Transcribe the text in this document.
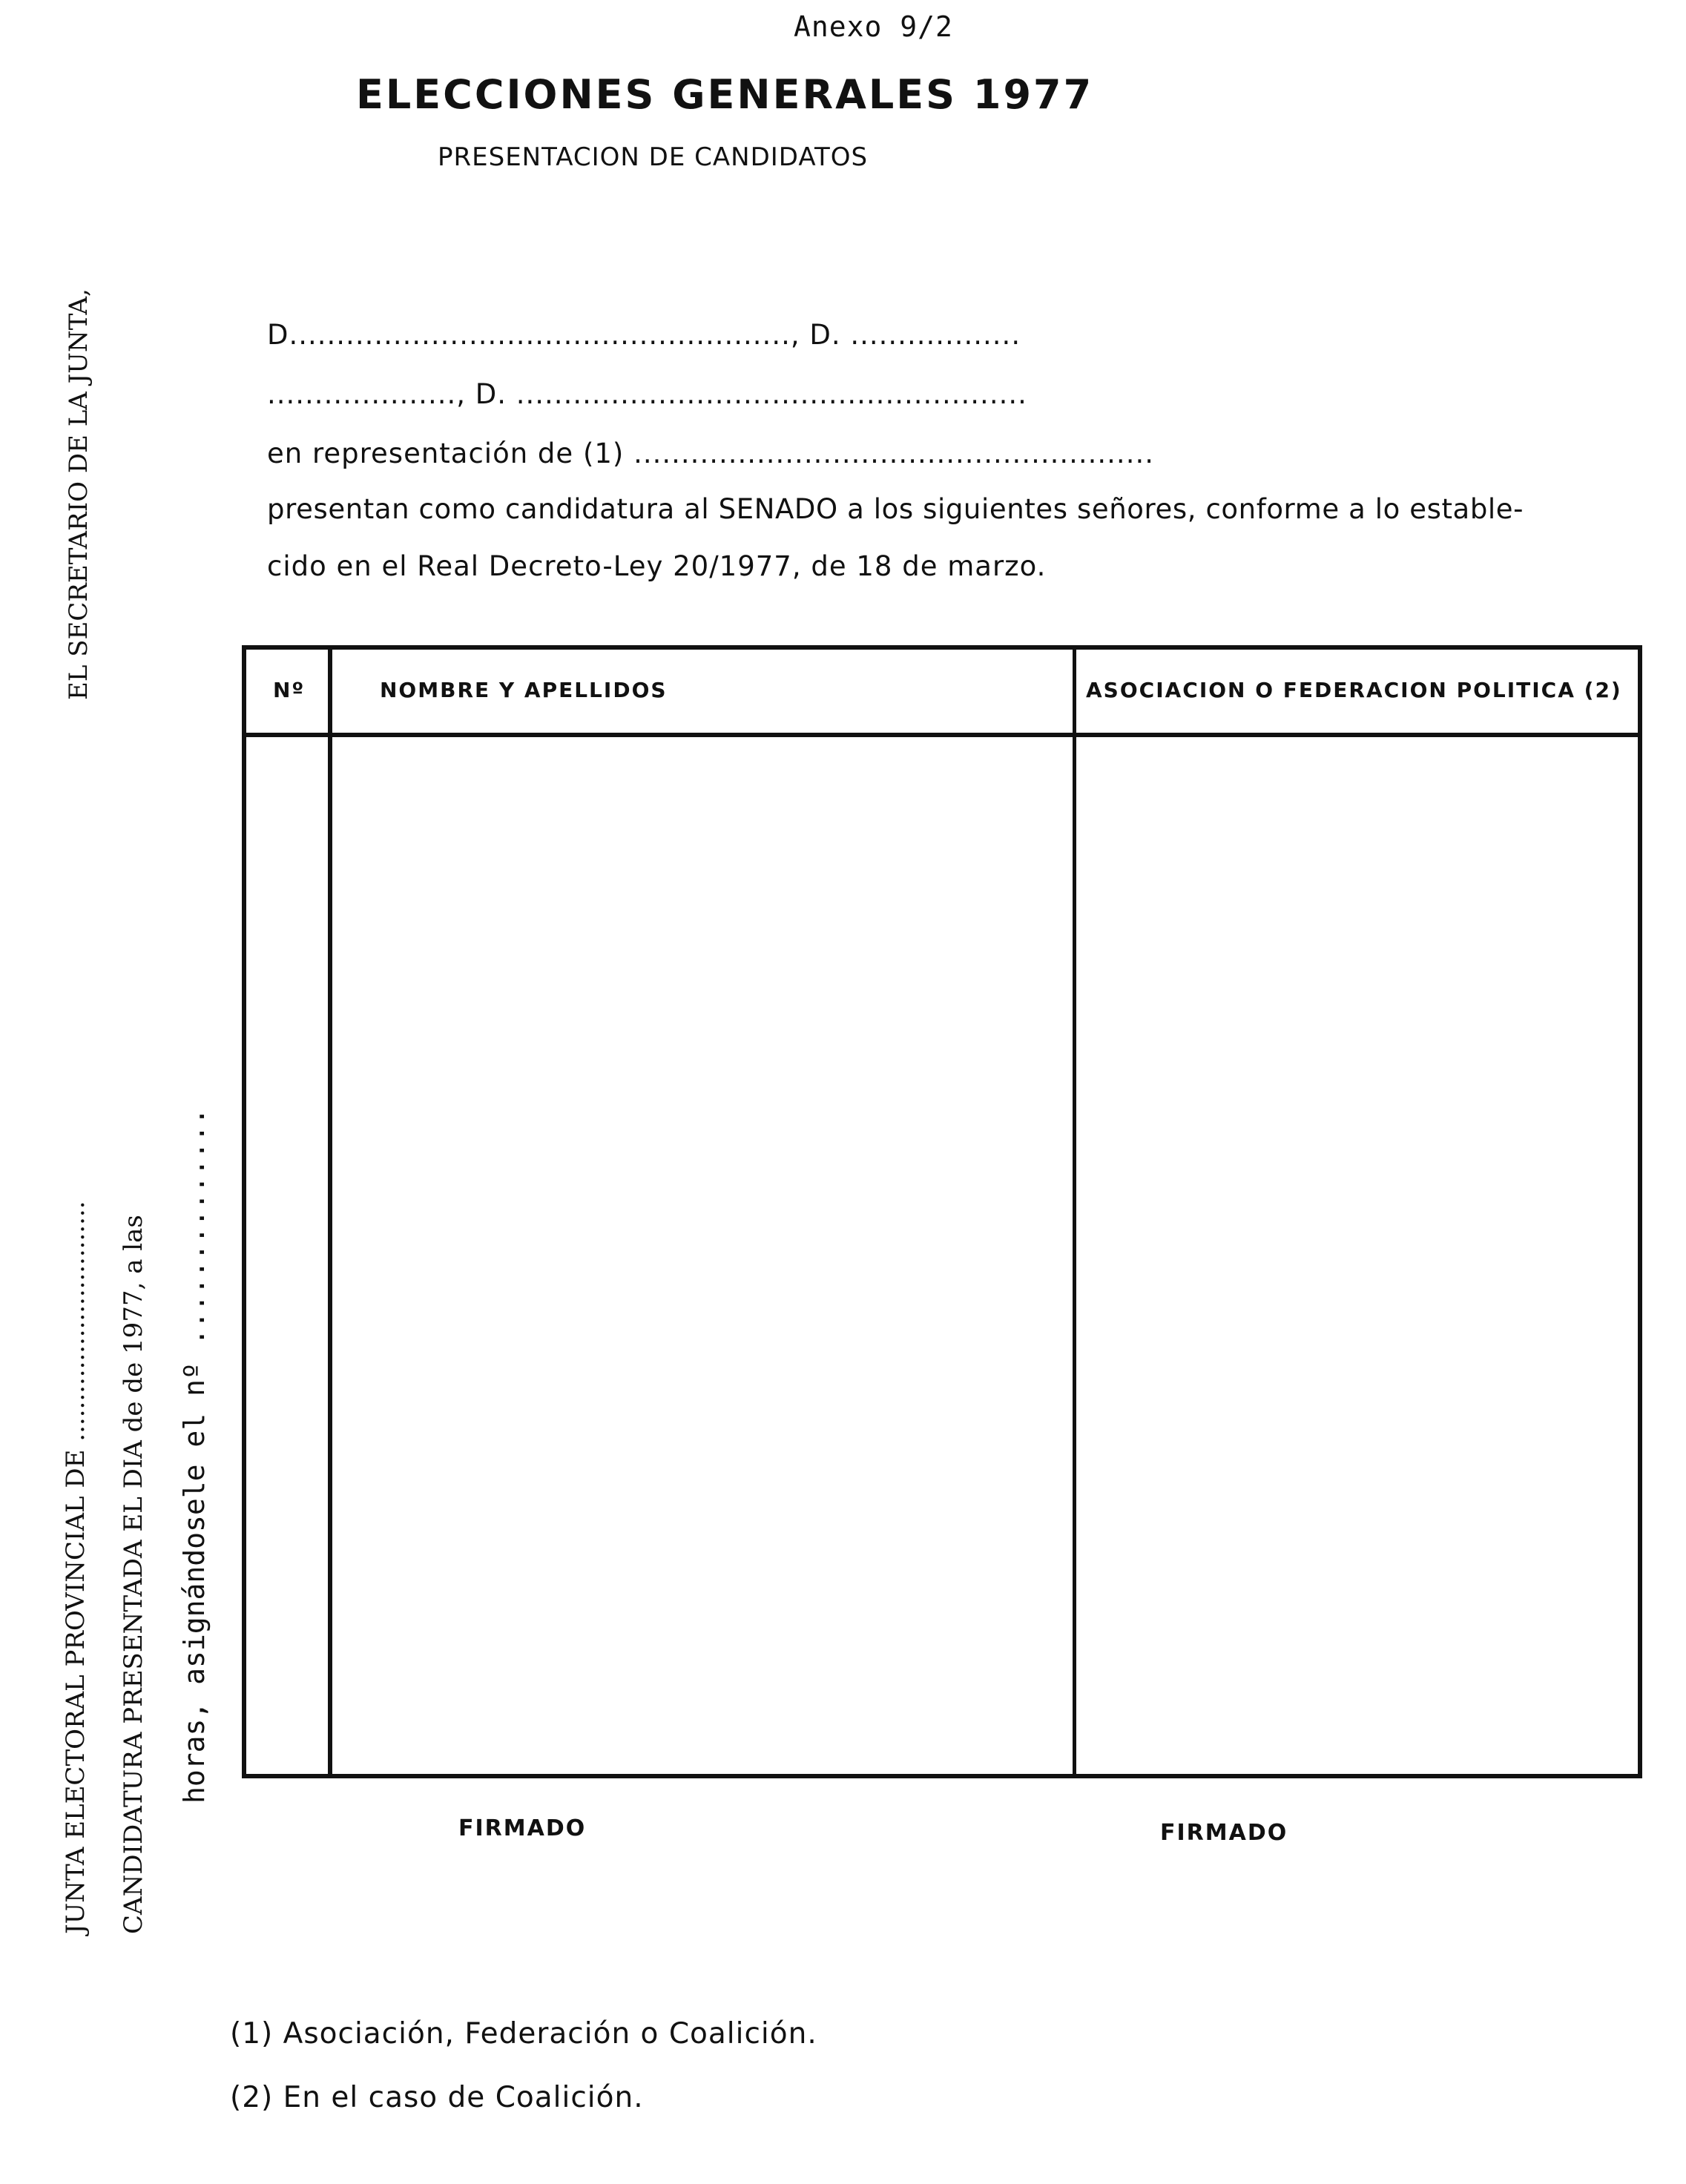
Anexo 9/2
ELECCIONES GENERALES 1977
PRESENTACION DE CANDIDATOS
D....................................................., D. ..................
...................., D. ......................................................
en representación de (1) .......................................................
presentan como candidatura al SENADO a los siguientes señores, conforme a lo estable-
cido en el Real Decreto-Ley 20/1977, de 18 de marzo.
Nº	NOMBRE Y APELLIDOS	ASOCIACION O FEDERACION POLITICA (2)
FIRMADO	FIRMADO
EL SECRETARIO DE LA JUNTA,
JUNTA ELECTORAL PROVINCIAL DE .............................. CANDIDATURA PRESENTADA EL DIA de de 1977, a las horas, asignándosele el nº ..............
(1) Asociación, Federación o Coalición.
(2) En el caso de Coalición.
